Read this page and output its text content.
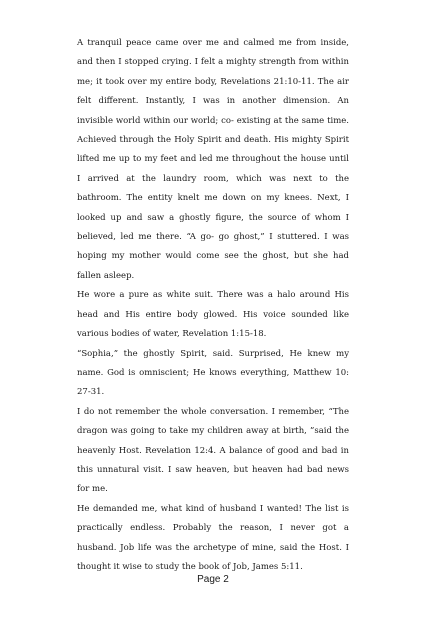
A tranquil peace came over me and calmed me from inside, and then I stopped crying. I felt a mighty strength from within me; it took over my entire body, Revelations 21:10-11. The air felt different. Instantly, I was in another dimension. An invisible world within our world; co- existing at the same time. Achieved through the Holy Spirit and death. His mighty Spirit lifted me up to my feet and led me throughout the house until I arrived at the laundry room, which was next to the bathroom. The entity knelt me down on my knees. Next, I looked up and saw a ghostly figure, the source of whom I believed, led me there. “A go- go ghost,” I stuttered. I was hoping my mother would come see the ghost, but she had fallen asleep.

He wore a pure as white suit. There was a halo around His head and His entire body glowed. His voice sounded like various bodies of water, Revelation 1:15-18.

“Sophia,” the ghostly Spirit, said. Surprised, He knew my name. God is omniscient; He knows everything, Matthew 10: 27-31.

I do not remember the whole conversation. I remember, “The dragon was going to take my children away at birth, ”said the heavenly Host. Revelation 12:4. A balance of good and bad in this unnatural visit. I saw heaven, but heaven had bad news for me.

He demanded me, what kind of husband I wanted! The list is practically endless. Probably the reason, I never got a husband. Job life was the archetype of mine, said the Host. I thought it wise to study the book of Job, James 5:11.

Page 2
